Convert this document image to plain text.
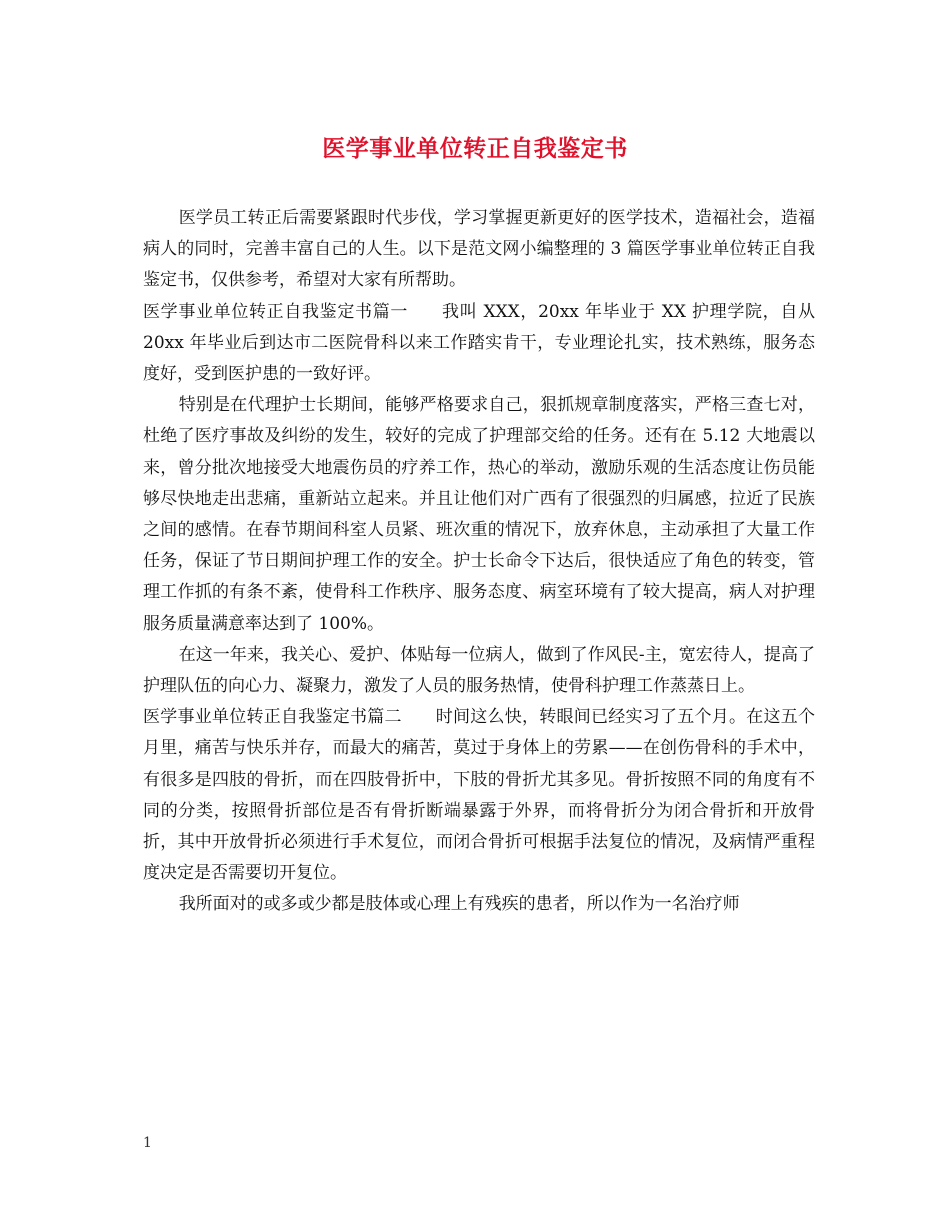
医学事业单位转正自我鉴定书

医学员工转正后需要紧跟时代步伐，学习掌握更新更好的医学技术，造福社会，造福病人的同时，完善丰富自己的人生。以下是范文网小编整理的 3 篇医学事业单位转正自我鉴定书，仅供参考，希望对大家有所帮助。

医学事业单位转正自我鉴定书篇一 我叫 XXX，20xx 年毕业于 XX 护理学院，自从 20xx 年毕业后到达市二医院骨科以来工作踏实肯干，专业理论扎实，技术熟练，服务态度好，受到医护患的一致好评。

特别是在代理护士长期间，能够严格要求自己，狠抓规章制度落实，严格三查七对，杜绝了医疗事故及纠纷的发生，较好的完成了护理部交给的任务。还有在 5.12 大地震以来，曾分批次地接受大地震伤员的疗养工作，热心的举动，激励乐观的生活态度让伤员能够尽快地走出悲痛，重新站立起来。并且让他们对广西有了很强烈的归属感，拉近了民族之间的感情。在春节期间科室人员紧、班次重的情况下，放弃休息，主动承担了大量工作任务，保证了节日期间护理工作的安全。护士长命令下达后，很快适应了角色的转变，管理工作抓的有条不紊，使骨科工作秩序、服务态度、病室环境有了较大提高，病人对护理服务质量满意率达到了 100%。

在这一年来，我关心、爱护、体贴每一位病人，做到了作风民-主，宽宏待人，提高了护理队伍的向心力、凝聚力，激发了人员的服务热情，使骨科护理工作蒸蒸日上。

医学事业单位转正自我鉴定书篇二 时间这么快，转眼间已经实习了五个月。在这五个月里，痛苦与快乐并存，而最大的痛苦，莫过于身体上的劳累——在创伤骨科的手术中，有很多是四肢的骨折，而在四肢骨折中，下肢的骨折尤其多见。骨折按照不同的角度有不同的分类，按照骨折部位是否有骨折断端暴露于外界，而将骨折分为闭合骨折和开放骨折，其中开放骨折必须进行手术复位，而闭合骨折可根据手法复位的情况，及病情严重程度决定是否需要切开复位。

我所面对的或多或少都是肢体或心理上有残疾的患者，所以作为一名治疗师

1
